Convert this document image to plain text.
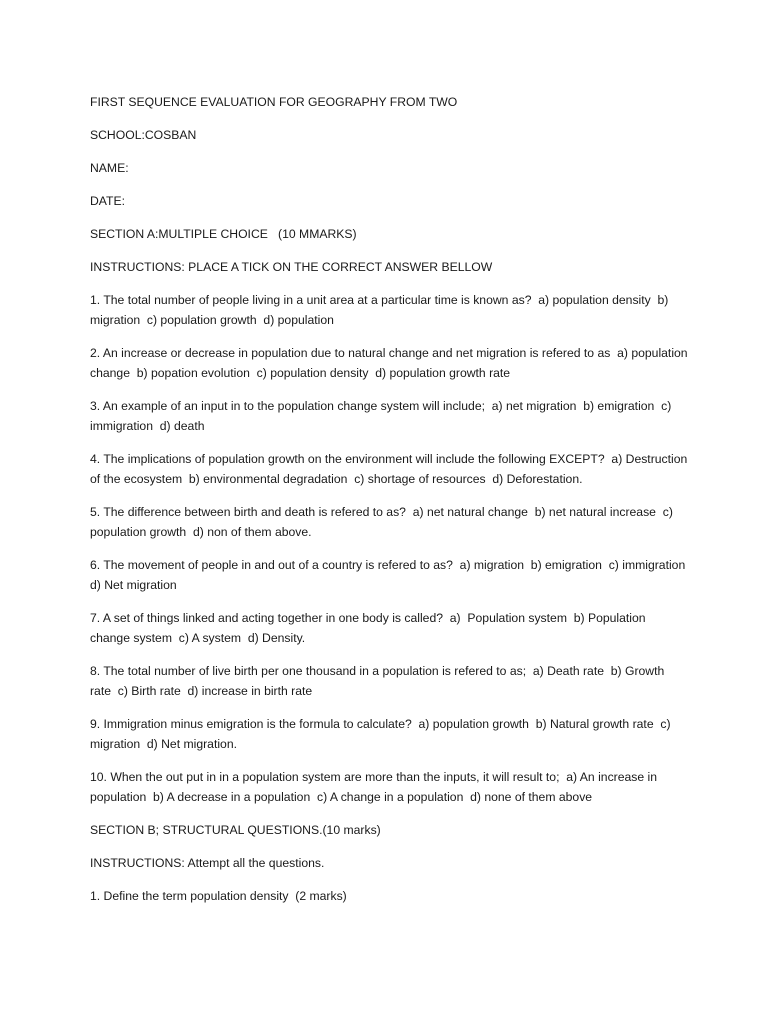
FIRST SEQUENCE EVALUATION FOR GEOGRAPHY FROM TWO
SCHOOL:COSBAN
NAME:
DATE:
SECTION A:MULTIPLE CHOICE   (10 MMARKS)
INSTRUCTIONS: PLACE A TICK ON THE CORRECT ANSWER BELLOW
1. The total number of people living in a unit area at a particular time is known as?  a) population density  b) migration  c) population growth  d) population
2. An increase or decrease in population due to natural change and net migration is refered to as  a) population change  b) popation evolution  c) population density  d) population growth rate
3. An example of an input in to the population change system will include;  a) net migration  b) emigration  c) immigration  d) death
4. The implications of population growth on the environment will include the following EXCEPT?  a) Destruction of the ecosystem  b) environmental degradation  c) shortage of resources  d) Deforestation.
5. The difference between birth and death is refered to as?  a) net natural change  b) net natural increase  c) population growth  d) non of them above.
6. The movement of people in and out of a country is refered to as?  a) migration  b) emigration  c) immigration  d) Net migration
7. A set of things linked and acting together in one body is called?  a)  Population system  b) Population change system  c) A system  d) Density.
8. The total number of live birth per one thousand in a population is refered to as;  a) Death rate  b) Growth rate  c) Birth rate  d) increase in birth rate
9. Immigration minus emigration is the formula to calculate?  a) population growth  b) Natural growth rate  c) migration  d) Net migration.
10. When the out put in in a population system are more than the inputs, it will result to;  a) An increase in population  b) A decrease in a population  c) A change in a population  d) none of them above
SECTION B; STRUCTURAL QUESTIONS.(10 marks)
INSTRUCTIONS: Attempt all the questions.
1. Define the term population density  (2 marks)
